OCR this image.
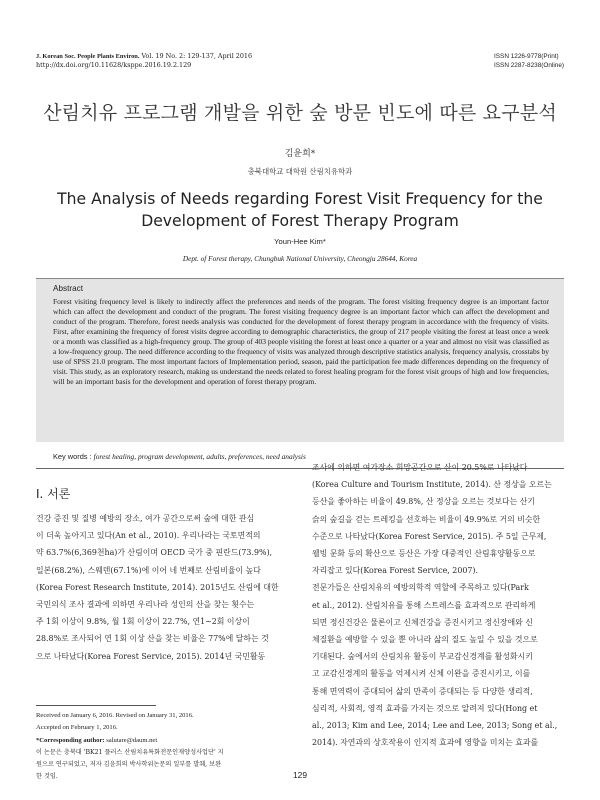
J. Korean Soc. People Plants Environ. Vol. 19 No. 2: 129-137, April 2016
http://dx.doi.org/10.11628/ksppe.2016.19.2.129
ISSN 1226-9778(Print)
ISSN 2287-8238(Online)
산림치유 프로그램 개발을 위한 숲 방문 빈도에 따른 요구분석
김윤희*
충북대학교 대학원 산림치유학과
The Analysis of Needs regarding Forest Visit Frequency for the
Development of Forest Therapy Program
Youn-Hee Kim*
Dept. of Forest therapy, Chungbuk National University, Cheongju 28644, Korea
Abstract
Forest visiting frequency level is likely to indirectly affect the preferences and needs of the program. The forest visiting frequency degree is an important factor which can affect the development and conduct of the program. The forest visiting frequency degree is an important factor which can affect the development and conduct of the program. Therefore, forest needs analysis was conducted for the development of forest therapy program in accordance with the frequency of visits. First, after examining the frequency of forest visits degree according to demographic characteristics, the group of 217 people visiting the forest at least once a week or a month was classified as a high-frequency group. The group of 403 people visiting the forest at least once a quarter or a year and almost no visit was classified as a low-frequency group. The need difference according to the frequency of visits was analyzed through descriptive statistics analysis, frequency analysis, crosstabs by use of SPSS 21.0 program. The most important factors of Implementation period, season, paid the participation fee made differences depending on the frequency of visit. This study, as an exploratory research, making us understand the needs related to forest healing program for the forest visit groups of high and low frequencies, will be an important basis for the development and operation of forest therapy program.
Key words : forest healing, program development, adults, preferences, need analysis
Ⅰ. 서론
건강 증진 및 질병 예방의 장소, 여가 공간으로써 숲에 대한 관심
이 더욱 높아지고 있다(An et al., 2010). 우리나라는 국토면적의
약 63.7%(6,369천ha)가 산림이며 OECD 국가 중 핀란드(73.9%),
일본(68.2%), 스웨덴(67.1%)에 이어 네 번째로 산림비율이 높다
(Korea Forest Research Institute, 2014). 2015년도 산림에 대한
국민의식 조사 결과에 의하면 우리나라 성인의 산을 찾는 횟수는
주 1회 이상이 9.8%, 월 1회 이상이 22.7%, 연1~2회 이상이
28.8%로 조사되어 연 1회 이상 산을 찾는 비율은 77%에 달하는 것
으로 나타났다(Korea Forest Service, 2015). 2014년 국민활동
조사에 의하면 여가장소 희망공간으로 산이 20.5%로 나타났다
(Korea Culture and Tourism Institute, 2014). 산 정상을 오르는
등산을 좋아하는 비율이 49.8%, 산 정상을 오르는 것보다는 산기
슭의 숲길을 걷는 트레킹을 선호하는 비율이 49.9%로 거의 비슷한
수준으로 나타났다(Korea Forest Service, 2015). 주 5일 근무제,
웰빙 문화 등의 확산으로 등산은 가장 대중적인 산림휴양활동으로
자리잡고 있다(Korea Forest Service, 2007).
전문가들은 산림치유의 예방의학적 역할에 주목하고 있다(Park
et al., 2012). 산림치유를 통해 스트레스를 효과적으로 관리하게
되면 정신건강은 물론이고 신체건강을 증진시키고 정신장애와 신
체질환을 예방할 수 있을 뿐 아니라 삶의 질도 높일 수 있을 것으로
기대된다. 숲에서의 산림치유 활동이 부교감신경계를 활성화시키
고 교감신경계의 활동을 억제시켜 신체 이완을 증진시키고, 이를
통해 면역력이 증대되어 삶의 만족이 증대되는 등 다양한 생리적,
심리적, 사회적, 영적 효과를 가지는 것으로 알려져 있다(Hong et
al., 2013; Kim and Lee, 2014; Lee and Lee, 2013; Song et al.,
2014). 자연과의 상호작용이 인지적 효과에 영향을 미치는 효과를
Received on January 6, 2016. Revised on January 31, 2016.
Accepted on February 1, 2016.
*Corresponding author: salutare@daum.net
이 논문은 충북대 'BK21 플러스 산림치유특화전문인재양성사업단' 지
원으로 연구되었고, 저자 김윤희의 박사학위논문의 일부를 발췌, 보완
한 것임.	129
